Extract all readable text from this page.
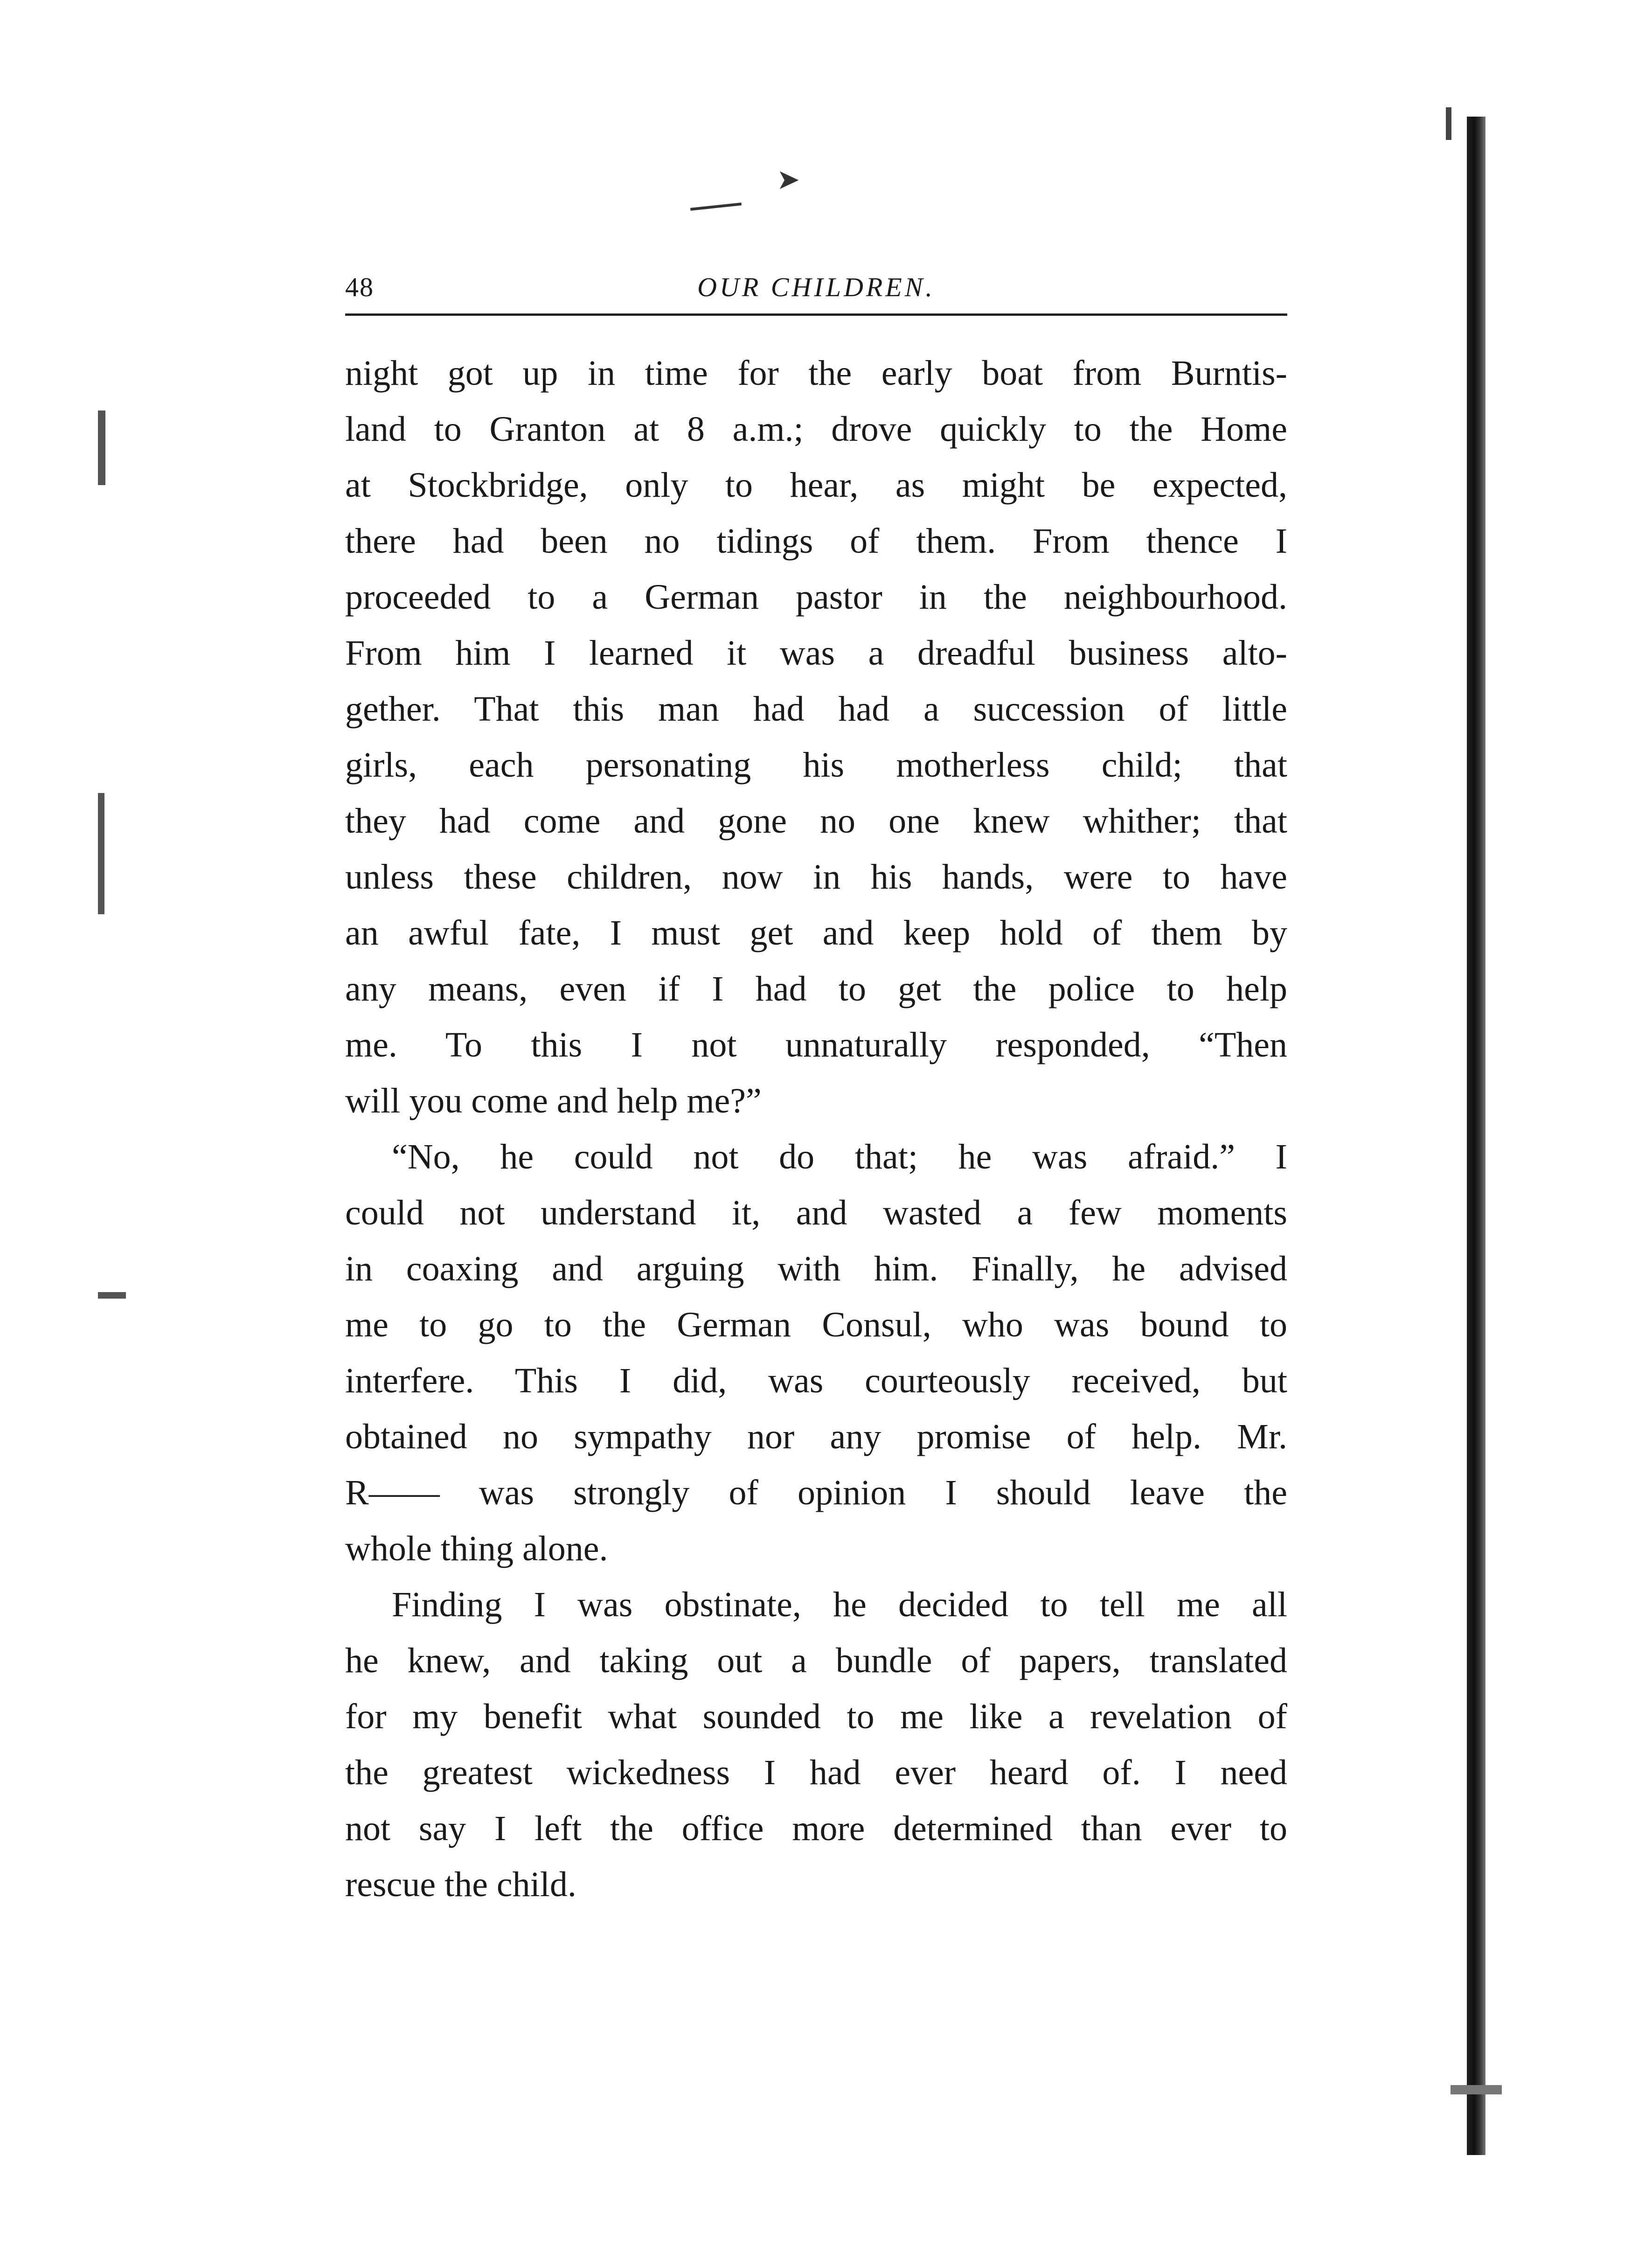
➤
48	OUR CHILDREN.
night got up in time for the early boat from Burntis-
land to Granton at 8 a.m.; drove quickly to the Home
at Stockbridge, only to hear, as might be expected,
there had been no tidings of them. From thence I
proceeded to a German pastor in the neighbourhood.
From him I learned it was a dreadful business alto-
gether. That this man had had a succession of little
girls, each personating his motherless child; that
they had come and gone no one knew whither; that
unless these children, now in his hands, were to have
an awful fate, I must get and keep hold of them by
any means, even if I had to get the police to help
me. To this I not unnaturally responded, “Then
will you come and help me?”
“No, he could not do that; he was afraid.” I
could not understand it, and wasted a few moments
in coaxing and arguing with him. Finally, he advised
me to go to the German Consul, who was bound to
interfere. This I did, was courteously received, but
obtained no sympathy nor any promise of help. Mr.
R—— was strongly of opinion I should leave the
whole thing alone.
Finding I was obstinate, he decided to tell me all
he knew, and taking out a bundle of papers, translated
for my benefit what sounded to me like a revelation of
the greatest wickedness I had ever heard of. I need
not say I left the office more determined than ever to
rescue the child.
